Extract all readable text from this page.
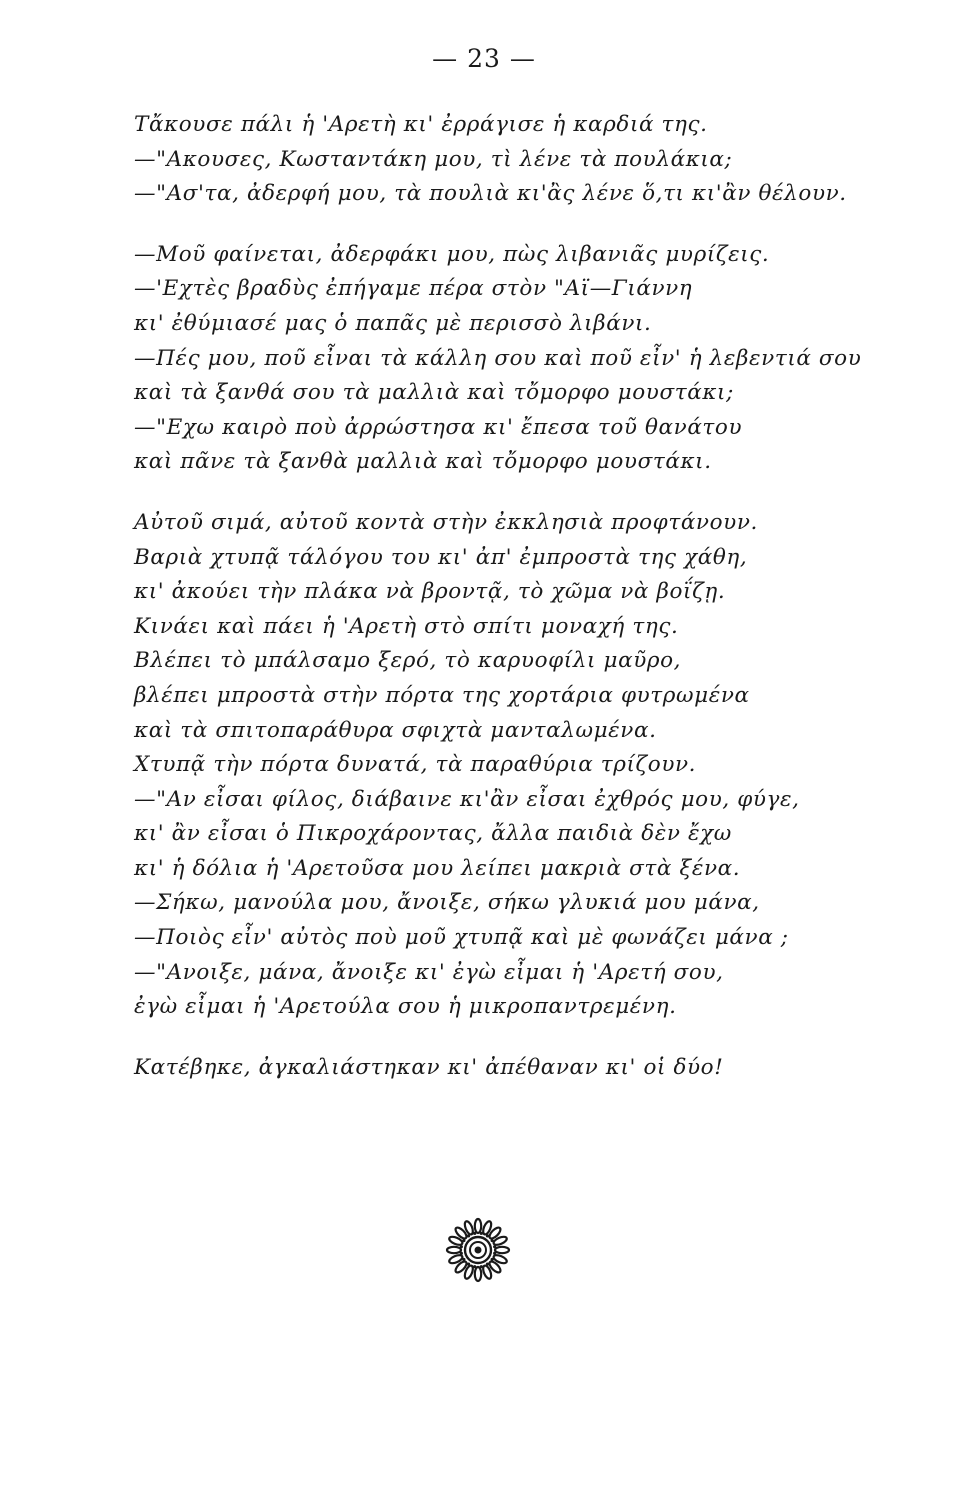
— 23 —
Τἄκουσε πάλι ἡ 'Αρετὴ κι' ἐρράγισε ἡ καρδιά της.
—"Ακουσες, Κωσταντάκη μου, τὶ λένε τὰ πουλάκια;
—"Ασ'τα, ἀδερφή μου, τὰ πουλιὰ κι'ἂς λένε ὅ,τι κι'ἂν θέλουν.
—Μοῦ φαίνεται, ἀδερφάκι μου, πὼς λιβανιᾶς μυρίζεις.
—'Εχτὲς βραδὺς ἐπήγαμε πέρα στὸν "Αϊ—Γιάννη
κι' ἐθύμιασέ μας ὁ παπᾶς μὲ περισσὸ λιβάνι.
—Πές μου, ποῦ εἶναι τὰ κάλλη σου καὶ ποῦ εἶν' ἡ λεβεντιά σου
καὶ τὰ ξανθά σου τὰ μαλλιὰ καὶ τὄμορφο μουστάκι;
—"Εχω καιρὸ ποὺ ἀρρώστησα κι' ἔπεσα τοῦ θανάτου
καὶ πᾶνε τὰ ξανθὰ μαλλιὰ καὶ τὄμορφο μουστάκι.
Αὐτοῦ σιμά, αὐτοῦ κοντὰ στὴν ἐκκλησιὰ προφτάνουν.
Βαριὰ χτυπᾷ τάλόγου του κι' ἀπ' ἐμπροστὰ της χάθη,
κι' ἀκούει τὴν πλάκα νὰ βροντᾷ, τὸ χῶμα νὰ βοΐζῃ.
Κινάει καὶ πάει ἡ 'Αρετὴ στὸ σπίτι μοναχή της.
Βλέπει τὸ μπάλσαμο ξερό, τὸ καρυοφίλι μαῦρο,
βλέπει μπροστὰ στὴν πόρτα της χορτάρια φυτρωμένα
καὶ τὰ σπιτοπαράθυρα σφιχτὰ μανταλωμένα.
Χτυπᾷ τὴν πόρτα δυνατά, τὰ παραθύρια τρίζουν.
—"Αν εἶσαι φίλος, διάβαινε κι'ἂν εἶσαι ἐχθρός μου, φύγε,
κι' ἂν εἶσαι ὁ Πικροχάροντας, ἄλλα παιδιὰ δὲν ἔχω
κι' ἡ δόλια ἡ 'Αρετοῦσα μου λείπει μακριὰ στὰ ξένα.
—Σήκω, μανούλα μου, ἄνοιξε, σήκω γλυκιά μου μάνα,
—Ποιὸς εἶν' αὐτὸς ποὺ μοῦ χτυπᾷ καὶ μὲ φωνάζει μάνα ;
—"Ανοιξε, μάνα, ἄνοιξε κι' ἐγὼ εἶμαι ἡ 'Αρετή σου,
ἐγὼ εἶμαι ἡ 'Αρετούλα σου ἡ μικροπαντρεμένη.
Κατέβηκε, ἀγκαλιάστηκαν κι' ἀπέθαναν κι' οἱ δύο!
